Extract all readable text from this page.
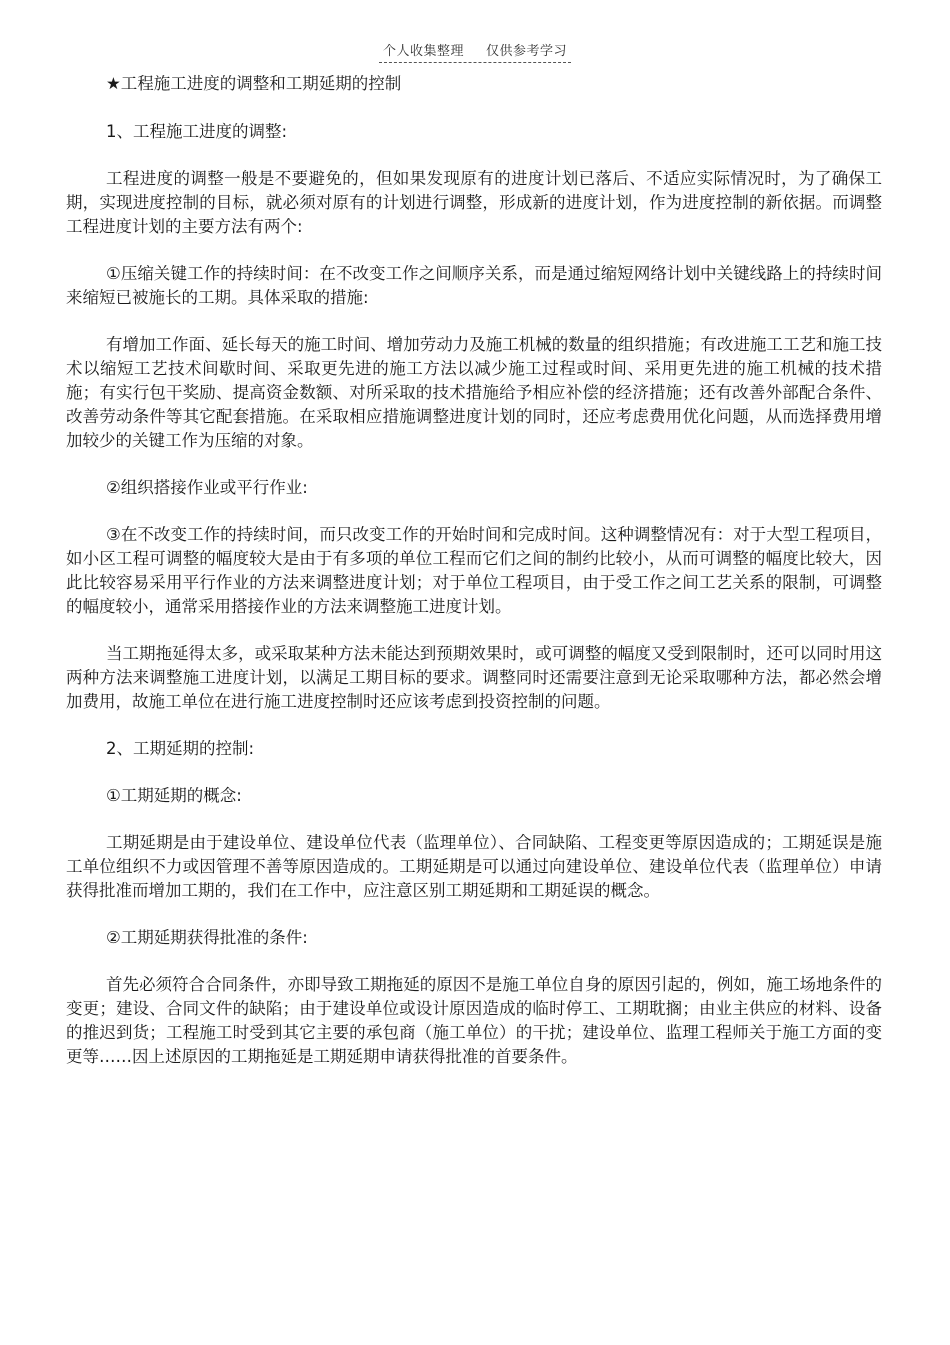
个人收集整理 仅供参考学习

★工程施工进度的调整和工期延期的控制

1、工程施工进度的调整:

工程进度的调整一般是不要避免的，但如果发现原有的进度计划已落后、不适应实际情况时，为了确保工期，实现进度控制的目标，就必须对原有的计划进行调整，形成新的进度计划，作为进度控制的新依据。而调整工程进度计划的主要方法有两个:

①压缩关键工作的持续时间：在不改变工作之间顺序关系，而是通过缩短网络计划中关键线路上的持续时间来缩短已被施长的工期。具体采取的措施:

有增加工作面、延长每天的施工时间、增加劳动力及施工机械的数量的组织措施；有改进施工工艺和施工技术以缩短工艺技术间歇时间、采取更先进的施工方法以减少施工过程或时间、采用更先进的施工机械的技术措施；有实行包干奖励、提高资金数额、对所采取的技术措施给予相应补偿的经济措施；还有改善外部配合条件、改善劳动条件等其它配套措施。在采取相应措施调整进度计划的同时，还应考虑费用优化问题，从而选择费用增加较少的关键工作为压缩的对象。

②组织搭接作业或平行作业:

③在不改变工作的持续时间，而只改变工作的开始时间和完成时间。这种调整情况有：对于大型工程项目，如小区工程可调整的幅度较大是由于有多项的单位工程而它们之间的制约比较小，从而可调整的幅度比较大，因此比较容易采用平行作业的方法来调整进度计划；对于单位工程项目，由于受工作之间工艺关系的限制，可调整的幅度较小，通常采用搭接作业的方法来调整施工进度计划。

当工期拖延得太多，或采取某种方法未能达到预期效果时，或可调整的幅度又受到限制时，还可以同时用这两种方法来调整施工进度计划，以满足工期目标的要求。调整同时还需要注意到无论采取哪种方法，都必然会增加费用，故施工单位在进行施工进度控制时还应该考虑到投资控制的问题。

2、工期延期的控制:

①工期延期的概念:

工期延期是由于建设单位、建设单位代表（监理单位）、合同缺陷、工程变更等原因造成的；工期延误是施工单位组织不力或因管理不善等原因造成的。工期延期是可以通过向建设单位、建设单位代表（监理单位）申请获得批准而增加工期的，我们在工作中，应注意区别工期延期和工期延误的概念。

②工期延期获得批准的条件:

首先必须符合合同条件，亦即导致工期拖延的原因不是施工单位自身的原因引起的，例如，施工场地条件的变更；建设、合同文件的缺陷；由于建设单位或设计原因造成的临时停工、工期耽搁；由业主供应的材料、设备的推迟到货；工程施工时受到其它主要的承包商（施工单位）的干扰；建设单位、监理工程师关于施工方面的变更等……因上述原因的工期拖延是工期延期申请获得批准的首要条件。
